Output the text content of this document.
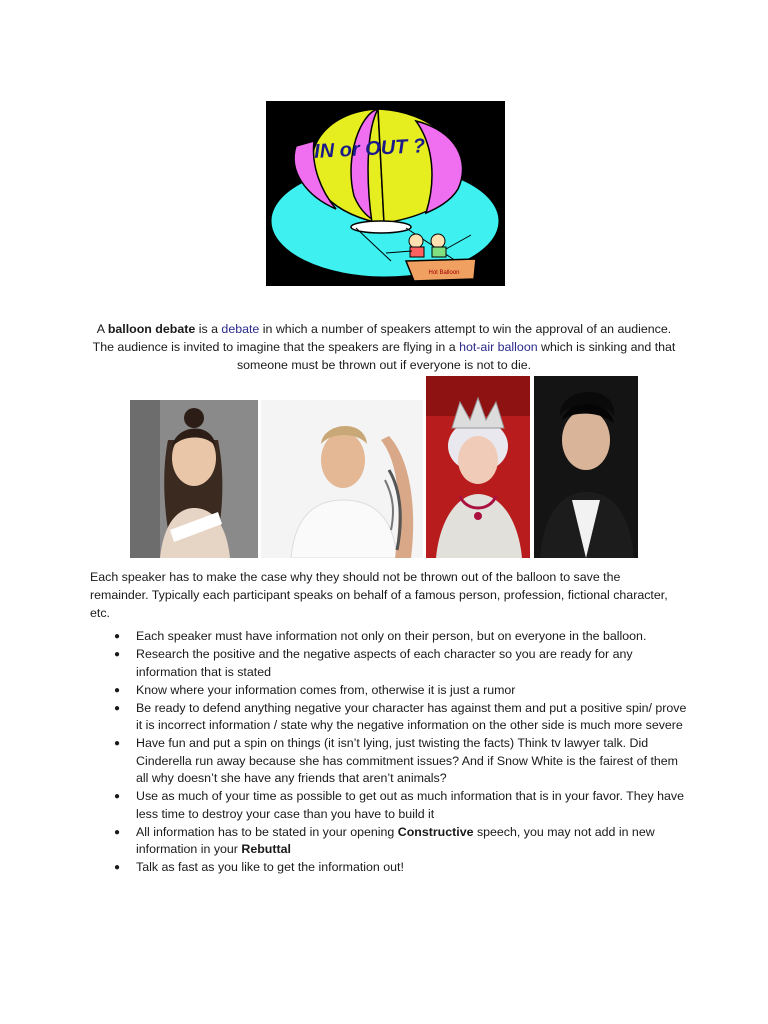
Hot Balloon
IN or OUT ?
A balloon debate is a debate in which a number of speakers attempt to win the approval of an audience. The audience is invited to imagine that the speakers are flying in a hot-air balloon which is sinking and that someone must be thrown out if everyone is not to die.
Each speaker has to make the case why they should not be thrown out of the balloon to save the remainder. Typically each participant speaks on behalf of a famous person, profession, fictional character, etc.
● Each speaker must have information not only on their person, but on everyone in the balloon.
● Research the positive and the negative aspects of each character so you are ready for any information that is stated
● Know where your information comes from, otherwise it is just a rumor
● Be ready to defend anything negative your character has against them and put a positive spin/ prove it is incorrect information / state why the negative information on the other side is much more severe
● Have fun and put a spin on things (it isn’t lying, just twisting the facts) Think tv lawyer talk. Did Cinderella run away because she has commitment issues? And if Snow White is the fairest of them all why doesn’t she have any friends that aren’t animals?
● Use as much of your time as possible to get out as much information that is in your favor. They have less time to destroy your case than you have to build it
● All information has to be stated in your opening Constructive speech, you may not add in new information in your Rebuttal
● Talk as fast as you like to get the information out!
